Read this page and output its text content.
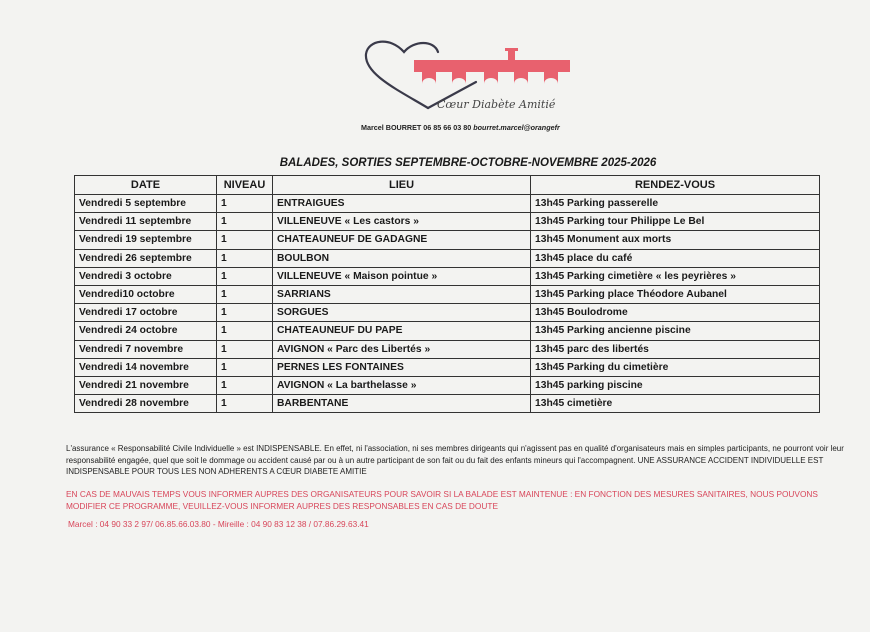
Cœur Diabète Amitié
Marcel BOURRET 06 85 66 03 80 bourret.marcel@orangefr
BALADES, SORTIES SEPTEMBRE-OCTOBRE-NOVEMBRE 2025-2026
DATE	NIVEAU	LIEU	RENDEZ-VOUS
Vendredi 5 septembre	1	ENTRAIGUES	13h45 Parking passerelle
Vendredi 11 septembre	1	VILLENEUVE « Les castors »	13h45 Parking tour Philippe Le Bel
Vendredi 19 septembre	1	CHATEAUNEUF DE GADAGNE	13h45 Monument aux morts
Vendredi 26 septembre	1	BOULBON	13h45 place du café
Vendredi 3 octobre	1	VILLENEUVE « Maison pointue »	13h45 Parking cimetière « les peyrières »
Vendredi10 octobre	1	SARRIANS	13h45 Parking place Théodore Aubanel
Vendredi 17 octobre	1	SORGUES	13h45 Boulodrome
Vendredi 24 octobre	1	CHATEAUNEUF DU PAPE	13h45 Parking ancienne piscine
Vendredi 7 novembre	1	AVIGNON « Parc des Libertés »	13h45 parc des libertés
Vendredi 14 novembre	1	PERNES LES FONTAINES	13h45 Parking du cimetière
Vendredi 21 novembre	1	AVIGNON « La barthelasse »	13h45 parking piscine
Vendredi 28 novembre	1	BARBENTANE	13h45 cimetière
L'assurance « Responsabilité Civile Individuelle » est INDISPENSABLE. En effet, ni l'association, ni ses membres dirigeants qui n'agissent pas en qualité d'organisateurs mais en simples participants, ne pourront voir leur responsabilité engagée, quel que soit le dommage ou accident causé par ou à un autre participant de son fait ou du fait des enfants mineurs qui l'accompagnent. UNE ASSURANCE ACCIDENT INDIVIDUELLE EST INDISPENSABLE POUR TOUS LES NON ADHERENTS A CŒUR DIABETE AMITIE
EN CAS DE MAUVAIS TEMPS VOUS INFORMER AUPRES DES ORGANISATEURS POUR SAVOIR SI LA BALADE EST MAINTENUE : EN FONCTION DES MESURES SANITAIRES, NOUS POUVONS MODIFIER CE PROGRAMME, VEUILLEZ-VOUS INFORMER AUPRES DES RESPONSABLES EN CAS DE DOUTE
Marcel : 04 90 33 2 97/ 06.85.66.03.80 - Mireille : 04 90 83 12 38 / 07.86.29.63.41
